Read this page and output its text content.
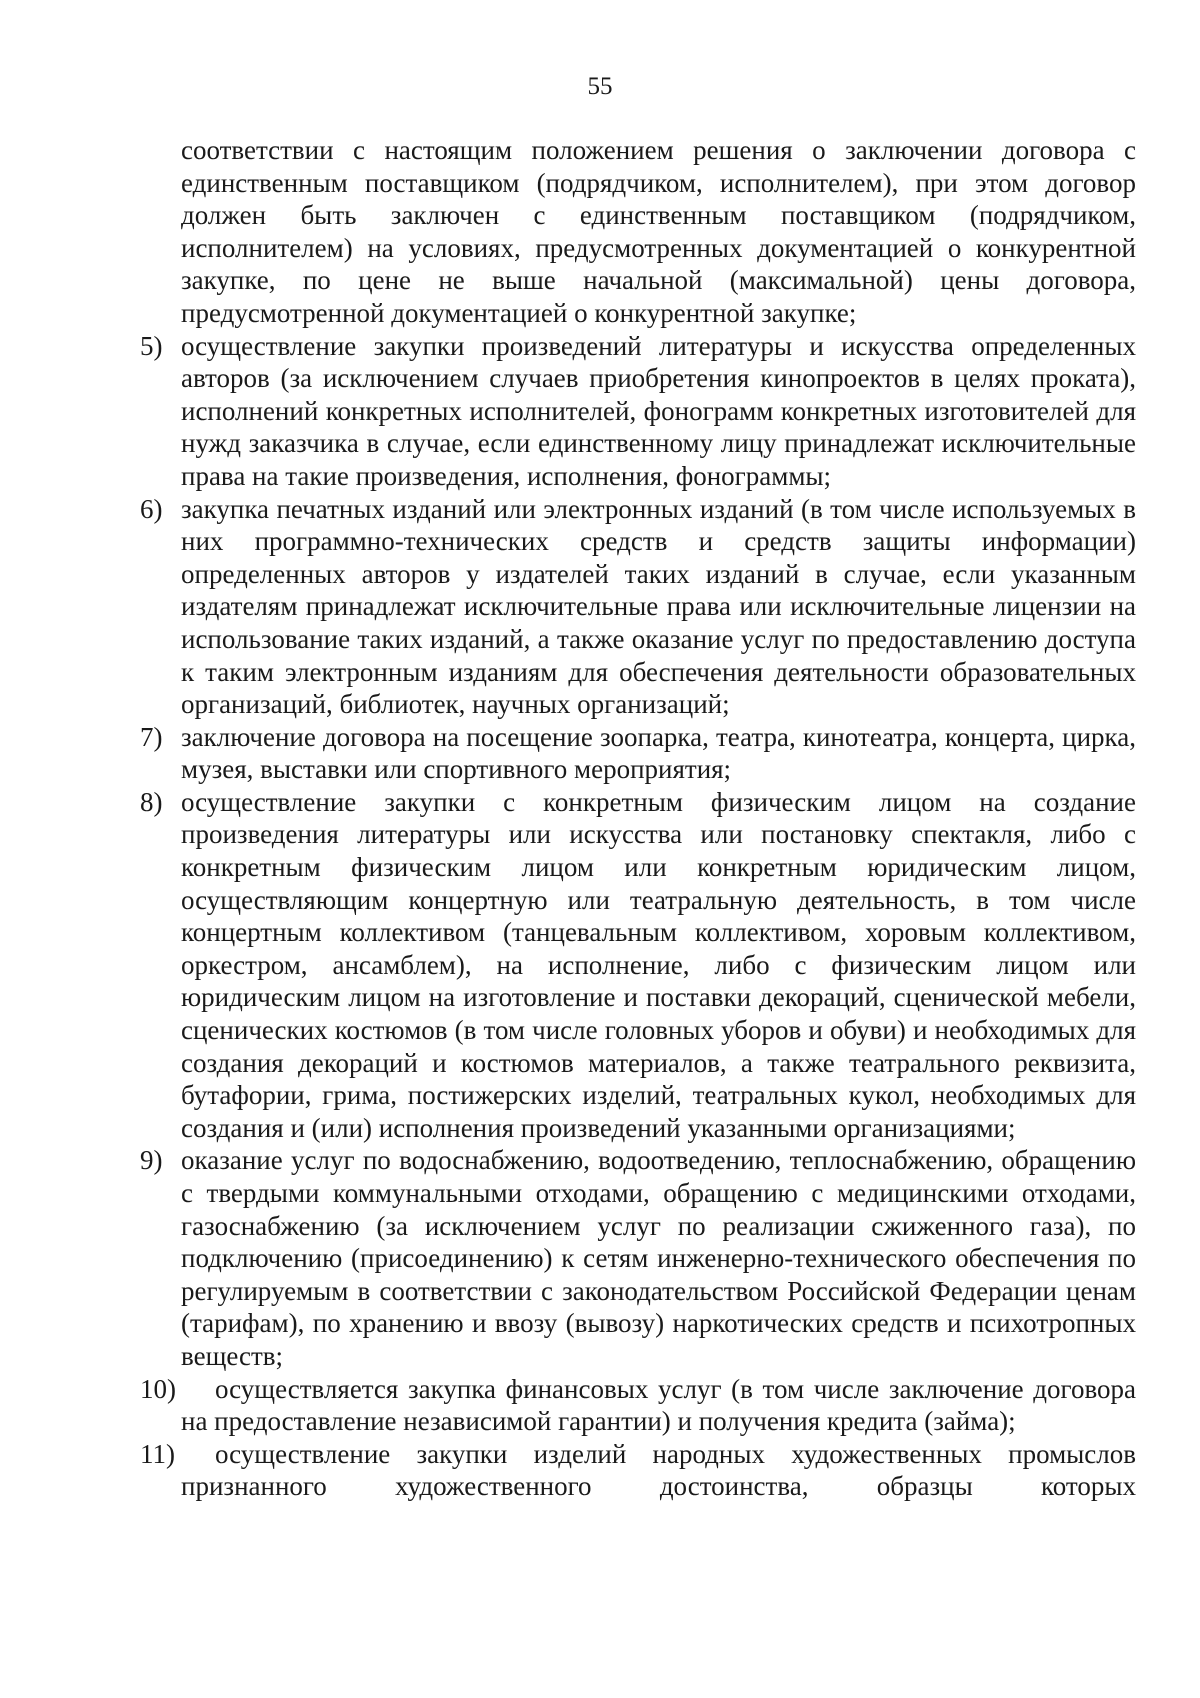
55

соответствии с настоящим положением решения о заключении договора с единственным поставщиком (подрядчиком, исполнителем), при этом договор должен быть заключен с единственным поставщиком (подрядчиком, исполнителем) на условиях, предусмотренных документацией о конкурентной закупке, по цене не выше начальной (максимальной) цены договора, предусмотренной документацией о конкурентной закупке;

5) осуществление закупки произведений литературы и искусства определенных авторов (за исключением случаев приобретения кинопроектов в целях проката), исполнений конкретных исполнителей, фонограмм конкретных изготовителей для нужд заказчика в случае, если единственному лицу принадлежат исключительные права на такие произведения, исполнения, фонограммы;

6) закупка печатных изданий или электронных изданий (в том числе используемых в них программно-технических средств и средств защиты информации) определенных авторов у издателей таких изданий в случае, если указанным издателям принадлежат исключительные права или исключительные лицензии на использование таких изданий, а также оказание услуг по предоставлению доступа к таким электронным изданиям для обеспечения деятельности образовательных организаций, библиотек, научных организаций;

7) заключение договора на посещение зоопарка, театра, кинотеатра, концерта, цирка, музея, выставки или спортивного мероприятия;

8) осуществление закупки с конкретным физическим лицом на создание произведения литературы или искусства или постановку спектакля, либо с конкретным физическим лицом или конкретным юридическим лицом, осуществляющим концертную или театральную деятельность, в том числе концертным коллективом (танцевальным коллективом, хоровым коллективом, оркестром, ансамблем), на исполнение, либо с физическим лицом или юридическим лицом на изготовление и поставки декораций, сценической мебели, сценических костюмов (в том числе головных уборов и обуви) и необходимых для создания декораций и костюмов материалов, а также театрального реквизита, бутафории, грима, постижерских изделий, театральных кукол, необходимых для создания и (или) исполнения произведений указанными организациями;

9) оказание услуг по водоснабжению, водоотведению, теплоснабжению, обращению с твердыми коммунальными отходами, обращению с медицинскими отходами, газоснабжению (за исключением услуг по реализации сжиженного газа), по подключению (присоединению) к сетям инженерно-технического обеспечения по регулируемым в соответствии с законодательством Российской Федерации ценам (тарифам), по хранению и ввозу (вывозу) наркотических средств и психотропных веществ;

10)	осуществляется закупка финансовых услуг (в том числе заключение договора на предоставление независимой гарантии) и получения кредита (займа);

11)	осуществление закупки изделий народных художественных промыслов признанного художественного достоинства, образцы которых
